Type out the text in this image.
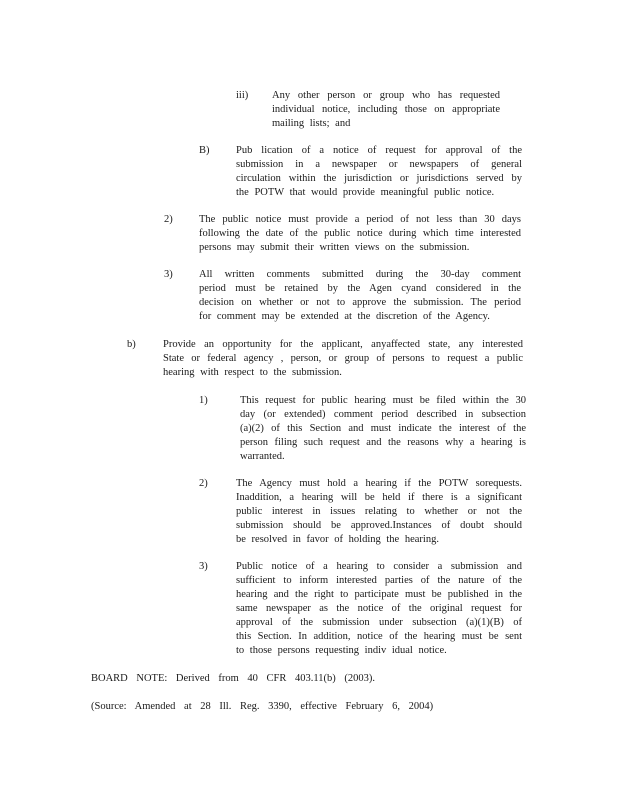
iii) Any other person or group who has requested
individual notice, including those on appropriate
mailing lists; and
B)	Pub lication of a notice of request for approval of the
submission in a newspaper or newspapers of general
circulation within the jurisdiction or jurisdictions served by
the POTW that would provide meaningful public notice.
2)	The public notice must provide a period of not less than 30 days
following the date of the public notice during which time interested
persons may submit their written views on the submission.
3)	All written comments submitted during the 30-day comment
period must be retained by the Agen cyand considered in the
decision on whether or not to approve the submission. The period
for comment may be extended at the discretion of the Agency.
b)	Provide an opportunity for the applicant, anyaffected state, any interested
State or federal agency , person, or group of persons to request a public
hearing with respect to the submission.
1)	This request for public hearing must be filed within the 30
day (or extended) comment period described in subsection
(a)(2) of this Section and must indicate the interest of the
person filing such request and the reasons why a hearing is
warranted.
2)	The Agency must hold a hearing if the POTW sorequests.
Inaddition, a hearing will be held if there is a significant
public interest in issues relating to whether or not the
submission should be approved.Instances of doubt should
be resolved in favor of holding the hearing.
3)	Public notice of a hearing to consider a submission and
sufficient to inform interested parties of the nature of the
hearing and the right to participate must be published in the
same newspaper as the notice of the original request for
approval of the submission under subsection (a)(1)(B) of
this Section. In addition, notice of the hearing must be sent
to those persons requesting indiv idual notice.
BOARD NOTE: Derived from 40 CFR 403.11(b) (2003).
(Source: Amended at 28 Ill. Reg. 3390, effective February 6, 2004)
